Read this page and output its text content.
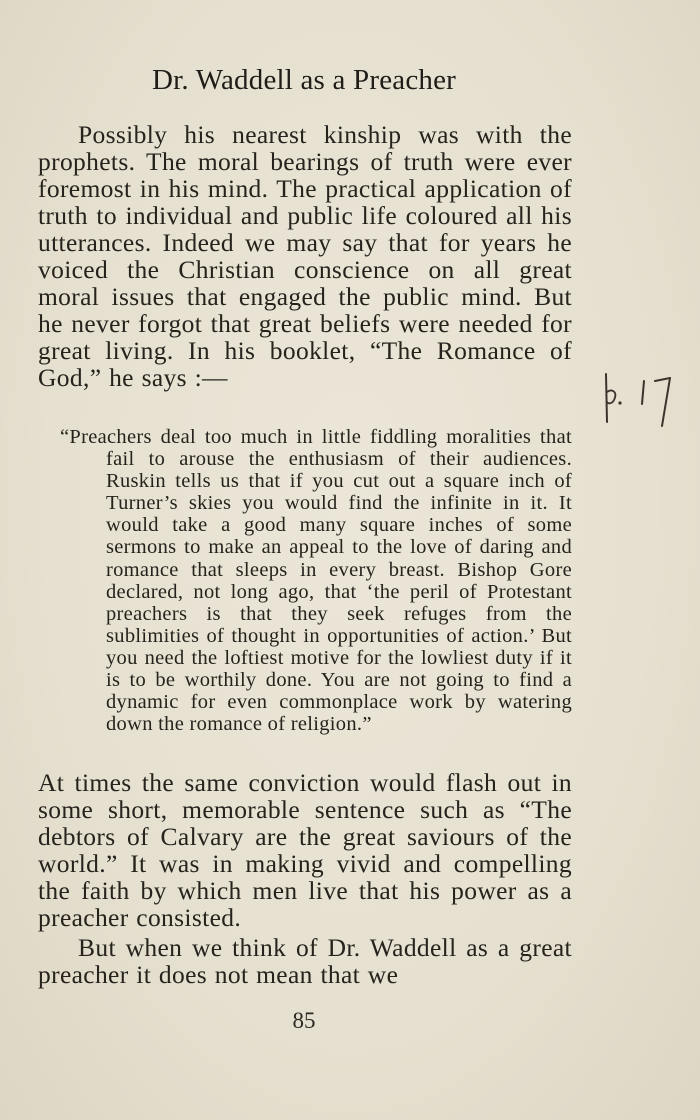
Dr. Waddell as a Preacher
Possibly his nearest kinship was with the prophets. The moral bearings of truth were ever foremost in his mind. The practical application of truth to individual and public life coloured all his utterances. Indeed we may say that for years he voiced the Christian conscience on all great moral issues that engaged the public mind. But he never forgot that great beliefs were needed for great living. In his booklet, “The Romance of God,” he says :—
“Preachers deal too much in little fiddling moralities that fail to arouse the enthusiasm of their audiences. Ruskin tells us that if you cut out a square inch of Turner’s skies you would find the infinite in it. It would take a good many square inches of some sermons to make an appeal to the love of daring and romance that sleeps in every breast. Bishop Gore declared, not long ago, that ‘the peril of Protestant preachers is that they seek refuges from the sublimities of thought in opportunities of action.’ But you need the loftiest motive for the lowliest duty if it is to be worthily done. You are not going to find a dynamic for even commonplace work by watering down the romance of religion.”
At times the same conviction would flash out in some short, memorable sentence such as “The debtors of Calvary are the great saviours of the world.” It was in making vivid and compelling the faith by which men live that his power as a preacher consisted.
But when we think of Dr. Waddell as a great preacher it does not mean that we
85
